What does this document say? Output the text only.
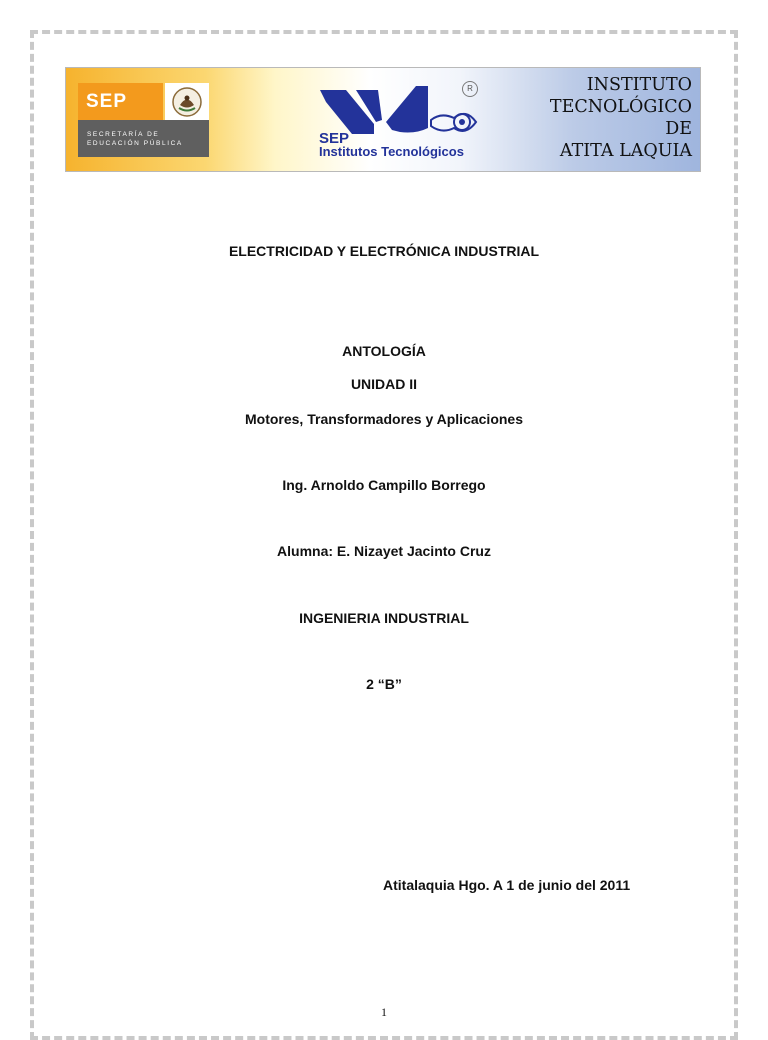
SEP
SECRETARÍA DE
EDUCACIÓN PÚBLICA
R
SEP
Institutos Tecnológicos
INSTITUTO
TECNOLÓGICO
DE
ATITA LAQUIA
ELECTRICIDAD Y ELECTRÓNICA INDUSTRIAL
ANTOLOGÍA
UNIDAD II
Motores, Transformadores y Aplicaciones
Ing. Arnoldo Campillo Borrego
Alumna: E. Nizayet Jacinto Cruz
INGENIERIA INDUSTRIAL
2 “B”
Atitalaquia Hgo. A 1 de junio del 2011
1
